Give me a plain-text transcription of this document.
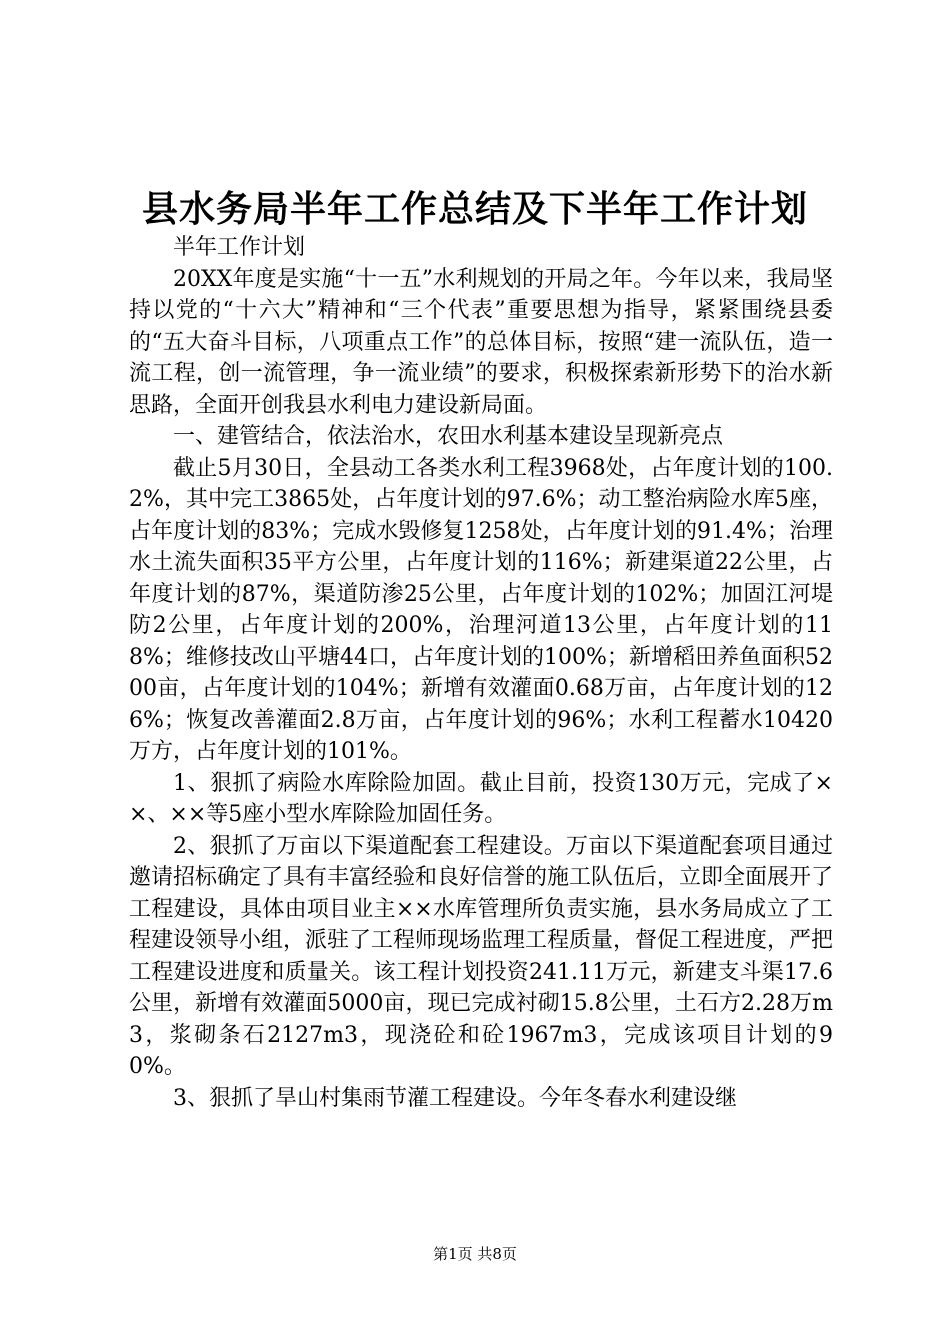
县水务局半年工作总结及下半年工作计划

半年工作计划

20XX年度是实施“十一五”水利规划的开局之年。今年以来，我局坚持以党的“十六大”精神和“三个代表”重要思想为指导，紧紧围绕县委的“五大奋斗目标，八项重点工作”的总体目标，按照“建一流队伍，造一流工程，创一流管理，争一流业绩”的要求，积极探索新形势下的治水新思路，全面开创我县水利电力建设新局面。

一、建管结合，依法治水，农田水利基本建设呈现新亮点

截止5月30日，全县动工各类水利工程3968处，占年度计划的100.2%，其中完工3865处，占年度计划的97.6%；动工整治病险水库5座，占年度计划的83%；完成水毁修复1258处，占年度计划的91.4%；治理水土流失面积35平方公里，占年度计划的116%；新建渠道22公里，占年度计划的87%，渠道防渗25公里，占年度计划的102%；加固江河堤防2公里，占年度计划的200%，治理河道13公里，占年度计划的118%；维修技改山平塘44口，占年度计划的100%；新增稻田养鱼面积5200亩，占年度计划的104%；新增有效灌面0.68万亩，占年度计划的126%；恢复改善灌面2.8万亩，占年度计划的96%；水利工程蓄水10420万方，占年度计划的101%。

1、狠抓了病险水库除险加固。截止目前，投资130万元，完成了××、××等5座小型水库除险加固任务。

2、狠抓了万亩以下渠道配套工程建设。万亩以下渠道配套项目通过邀请招标确定了具有丰富经验和良好信誉的施工队伍后，立即全面展开了工程建设，具体由项目业主××水库管理所负责实施，县水务局成立了工程建设领导小组，派驻了工程师现场监理工程质量，督促工程进度，严把工程建设进度和质量关。该工程计划投资241.11万元，新建支斗渠17.6公里，新增有效灌面5000亩，现已完成衬砌15.8公里，土石方2.28万m3，浆砌条石2127m3，现浇砼和砼1967m3，完成该项目计划的90%。

3、狠抓了旱山村集雨节灌工程建设。今年冬春水利建设继

第1页 共8页
